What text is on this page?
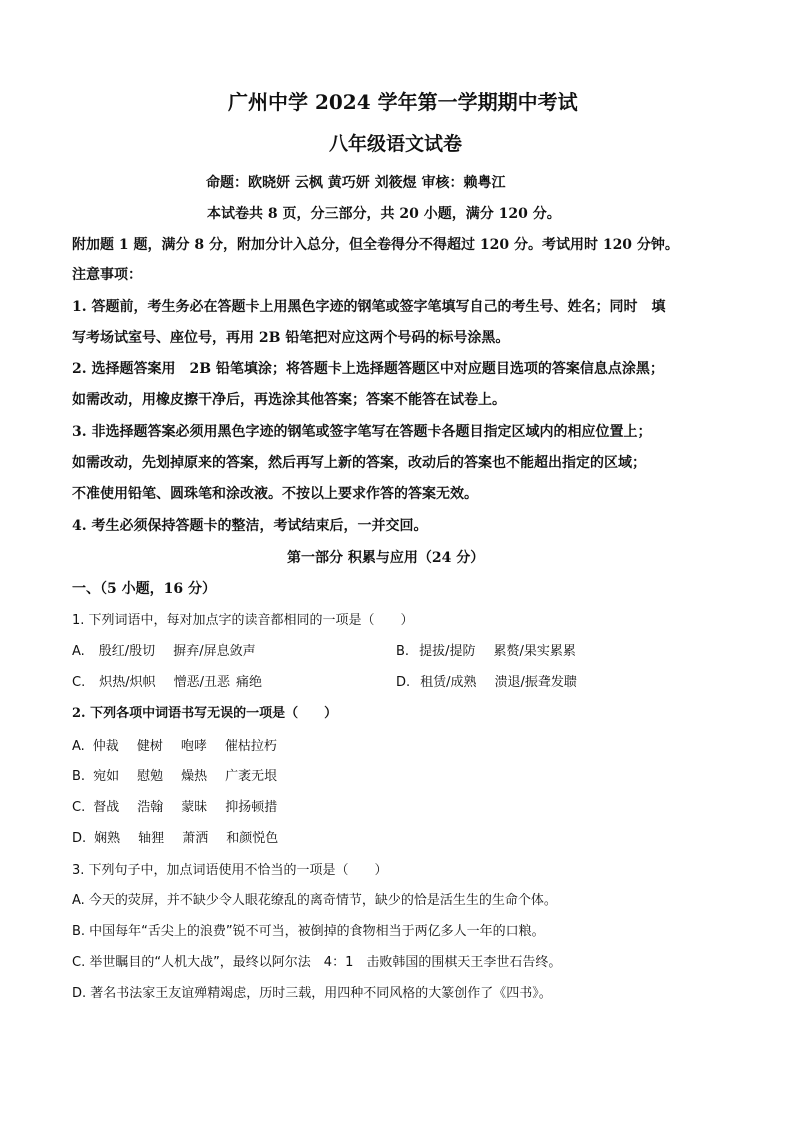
广州中学 2024 学年第一学期期中考试
八年级语文试卷
命题：欧晓妍 云枫 黄巧妍 刘筱煜 审核：赖粤江
本试卷共 8 页，分三部分，共 20 小题，满分 120 分。
附加题 1 题，满分 8 分，附加分计入总分，但全卷得分不得超过 120 分。考试用时 120 分钟。
注意事项：
1. 答题前，考生务必在答题卡上用黑色字迹的钢笔或签字笔填写自己的考生号、姓名；同时　填
写考场试室号、座位号，再用 2B 铅笔把对应这两个号码的标号涂黑。
2. 选择题答案用　2B 铅笔填涂；将答题卡上选择题答题区中对应题目选项的答案信息点涂黑；
如需改动，用橡皮擦干净后，再选涂其他答案；答案不能答在试卷上。
3. 非选择题答案必须用黑色字迹的钢笔或签字笔写在答题卡各题目指定区域内的相应位置上；
如需改动，先划掉原来的答案，然后再写上新的答案，改动后的答案也不能超出指定的区域；
不准使用铅笔、圆珠笔和涂改液。不按以上要求作答的答案无效。
4. 考生必须保持答题卡的整洁，考试结束后，一并交回。
第一部分 积累与应用（24 分）
一、（5 小题，16 分）
1. 下列词语中，每对加点字的读音都相同的一项是（　　）
A. 殷红/殷切 摒弃/屏息敛声	B. 提拔/提防 累赘/果实累累
C. 炽热/炽帜 憎恶/丑恶 痛绝	D. 租赁/成熟 溃退/振聋发聩
2. 下列各项中词语书写无误的一项是（　　）
A. 仲裁 健树 咆哮 催枯拉朽
B. 宛如 慰勉 燥热 广袤无垠
C. 督战 浩翰 蒙昧 抑扬顿措
D. 娴熟 轴狸 萧洒 和颜悦色
3. 下列句子中，加点词语使用不恰当的一项是（　　）
A. 今天的荧屏，并不缺少令人眼花缭乱的离奇情节，缺少的恰是活生生的生命个体。
B. 中国每年“舌尖上的浪费”锐不可当，被倒掉的食物相当于两亿多人一年的口粮。
C. 举世瞩目的“人机大战”，最终以阿尔法　4：1　击败韩国的围棋天王李世石告终。
D. 著名书法家王友谊殚精竭虑，历时三载，用四种不同风格的大篆创作了《四书》。
